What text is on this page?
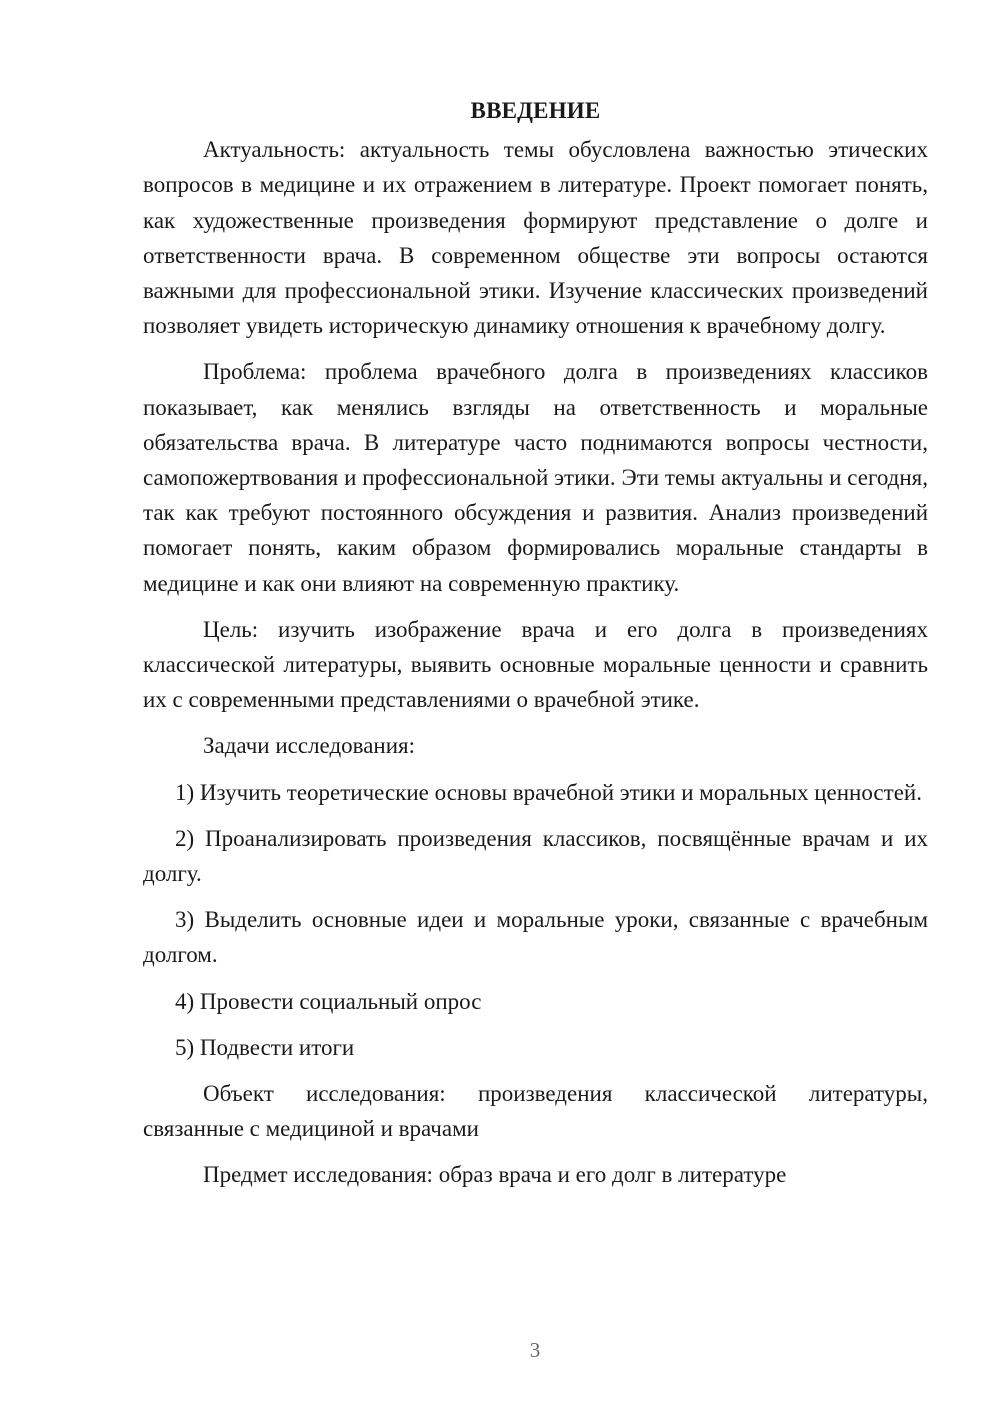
ВВЕДЕНИЕ

Актуальность: актуальность темы обусловлена важностью этических вопросов в медицине и их отражением в литературе. Проект помогает понять, как художественные произведения формируют представление о долге и ответственности врача. В современном обществе эти вопросы остаются важными для профессиональной этики. Изучение классических произведений позволяет увидеть историческую динамику отношения к врачебному долгу.

Проблема: проблема врачебного долга в произведениях классиков показывает, как менялись взгляды на ответственность и моральные обязательства врача. В литературе часто поднимаются вопросы честности, самопожертвования и профессиональной этики. Эти темы актуальны и сегодня, так как требуют постоянного обсуждения и развития. Анализ произведений помогает понять, каким образом формировались моральные стандарты в медицине и как они влияют на современную практику.

Цель: изучить изображение врача и его долга в произведениях классической литературы, выявить основные моральные ценности и сравнить их с современными представлениями о врачебной этике.

Задачи исследования:

1) Изучить теоретические основы врачебной этики и моральных ценностей.

2) Проанализировать произведения классиков, посвящённые врачам и их долгу.

3) Выделить основные идеи и моральные уроки, связанные с врачебным долгом.

4) Провести социальный опрос

5) Подвести итоги

Объект исследования: произведения классической литературы, связанные с медициной и врачами

Предмет исследования: образ врача и его долг в литературе

3
